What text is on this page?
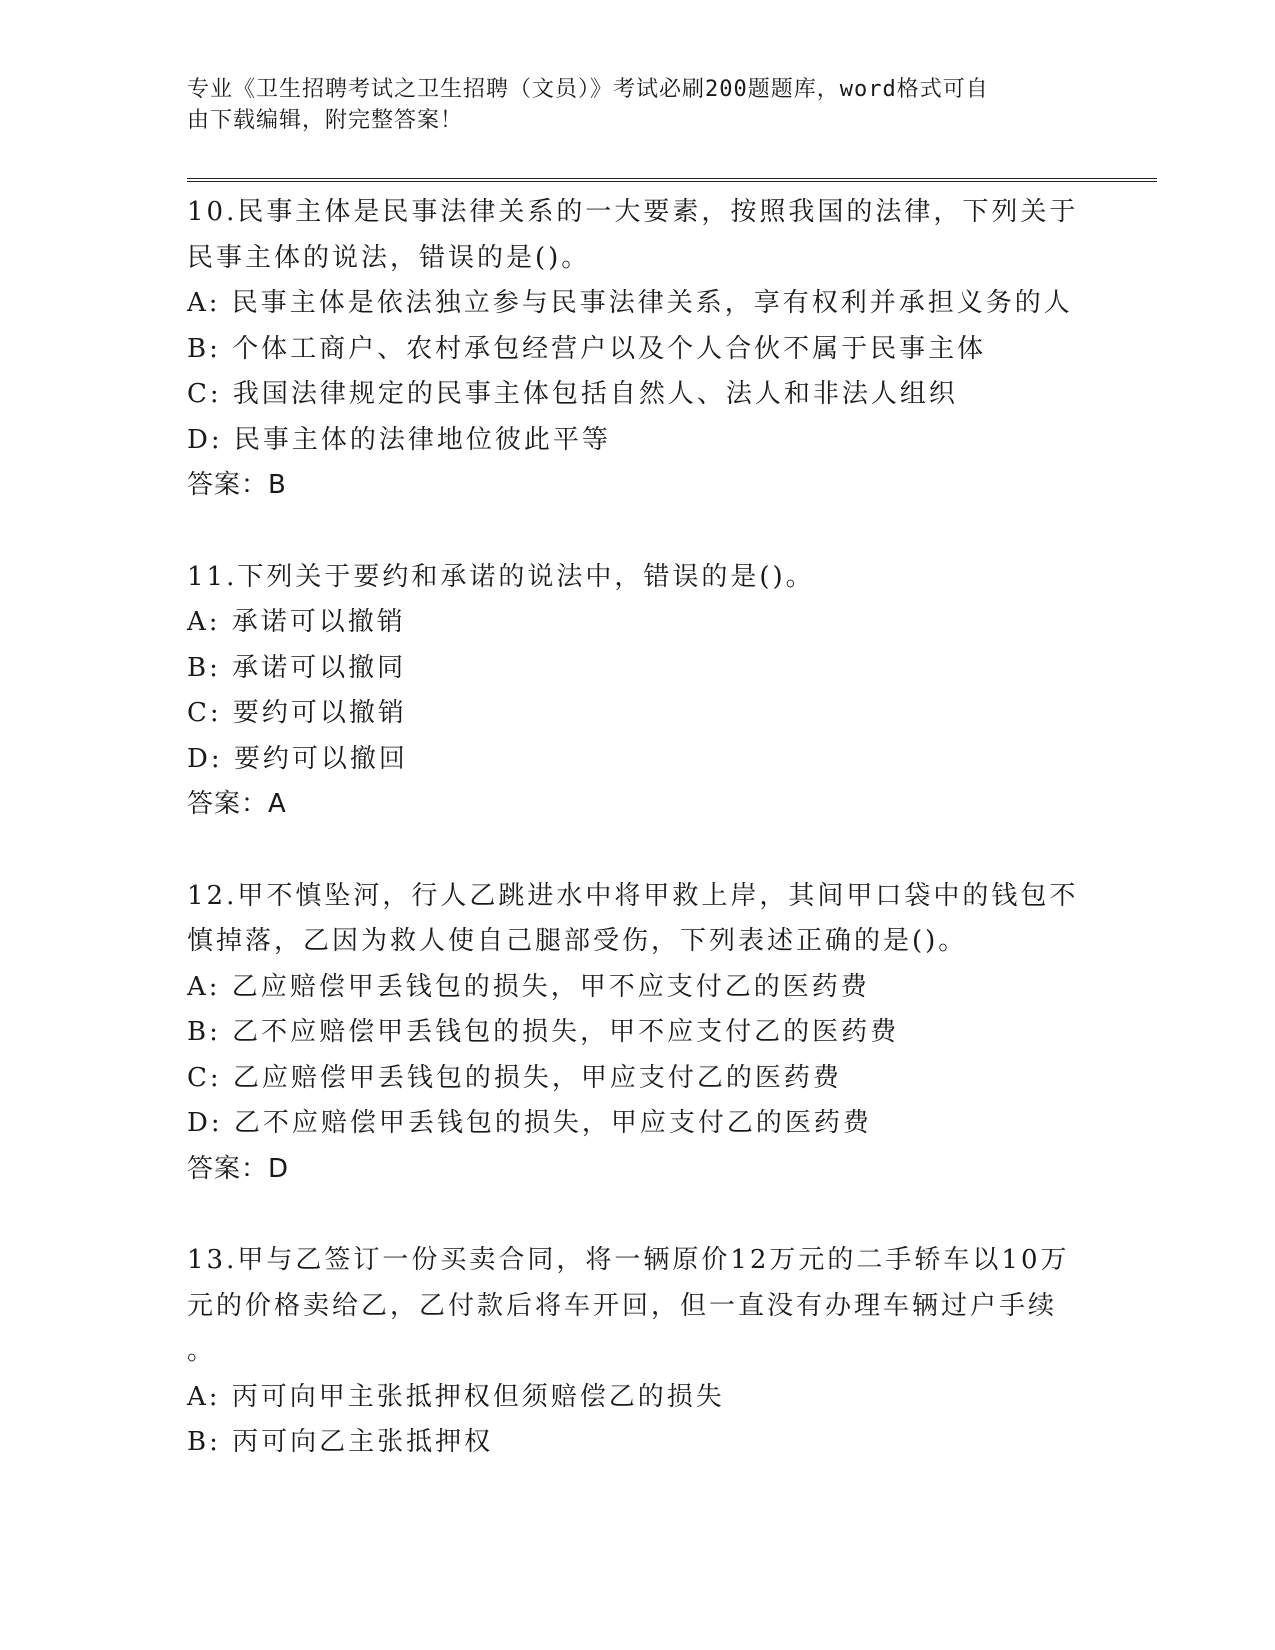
专业《卫生招聘考试之卫生招聘（文员）》考试必刷200题题库，word格式可自
由下载编辑，附完整答案！
10.民事主体是民事法律关系的一大要素，按照我国的法律，下列关于
民事主体的说法，错误的是()。
A: 民事主体是依法独立参与民事法律关系，享有权利并承担义务的人
B: 个体工商户、农村承包经营户以及个人合伙不属于民事主体
C: 我国法律规定的民事主体包括自然人、法人和非法人组织
D: 民事主体的法律地位彼此平等
答案：B
11.下列关于要约和承诺的说法中，错误的是()。
A: 承诺可以撤销
B: 承诺可以撤同
C: 要约可以撤销
D: 要约可以撤回
答案：A
12.甲不慎坠河，行人乙跳进水中将甲救上岸，其间甲口袋中的钱包不
慎掉落，乙因为救人使自己腿部受伤，下列表述正确的是()。
A: 乙应赔偿甲丢钱包的损失，甲不应支付乙的医药费
B: 乙不应赔偿甲丢钱包的损失，甲不应支付乙的医药费
C: 乙应赔偿甲丢钱包的损失，甲应支付乙的医药费
D: 乙不应赔偿甲丢钱包的损失，甲应支付乙的医药费
答案：D
13.甲与乙签订一份买卖合同，将一辆原价12万元的二手轿车以10万
元的价格卖给乙，乙付款后将车开回，但一直没有办理车辆过户手续
。
A: 丙可向甲主张抵押权但须赔偿乙的损失
B: 丙可向乙主张抵押权
